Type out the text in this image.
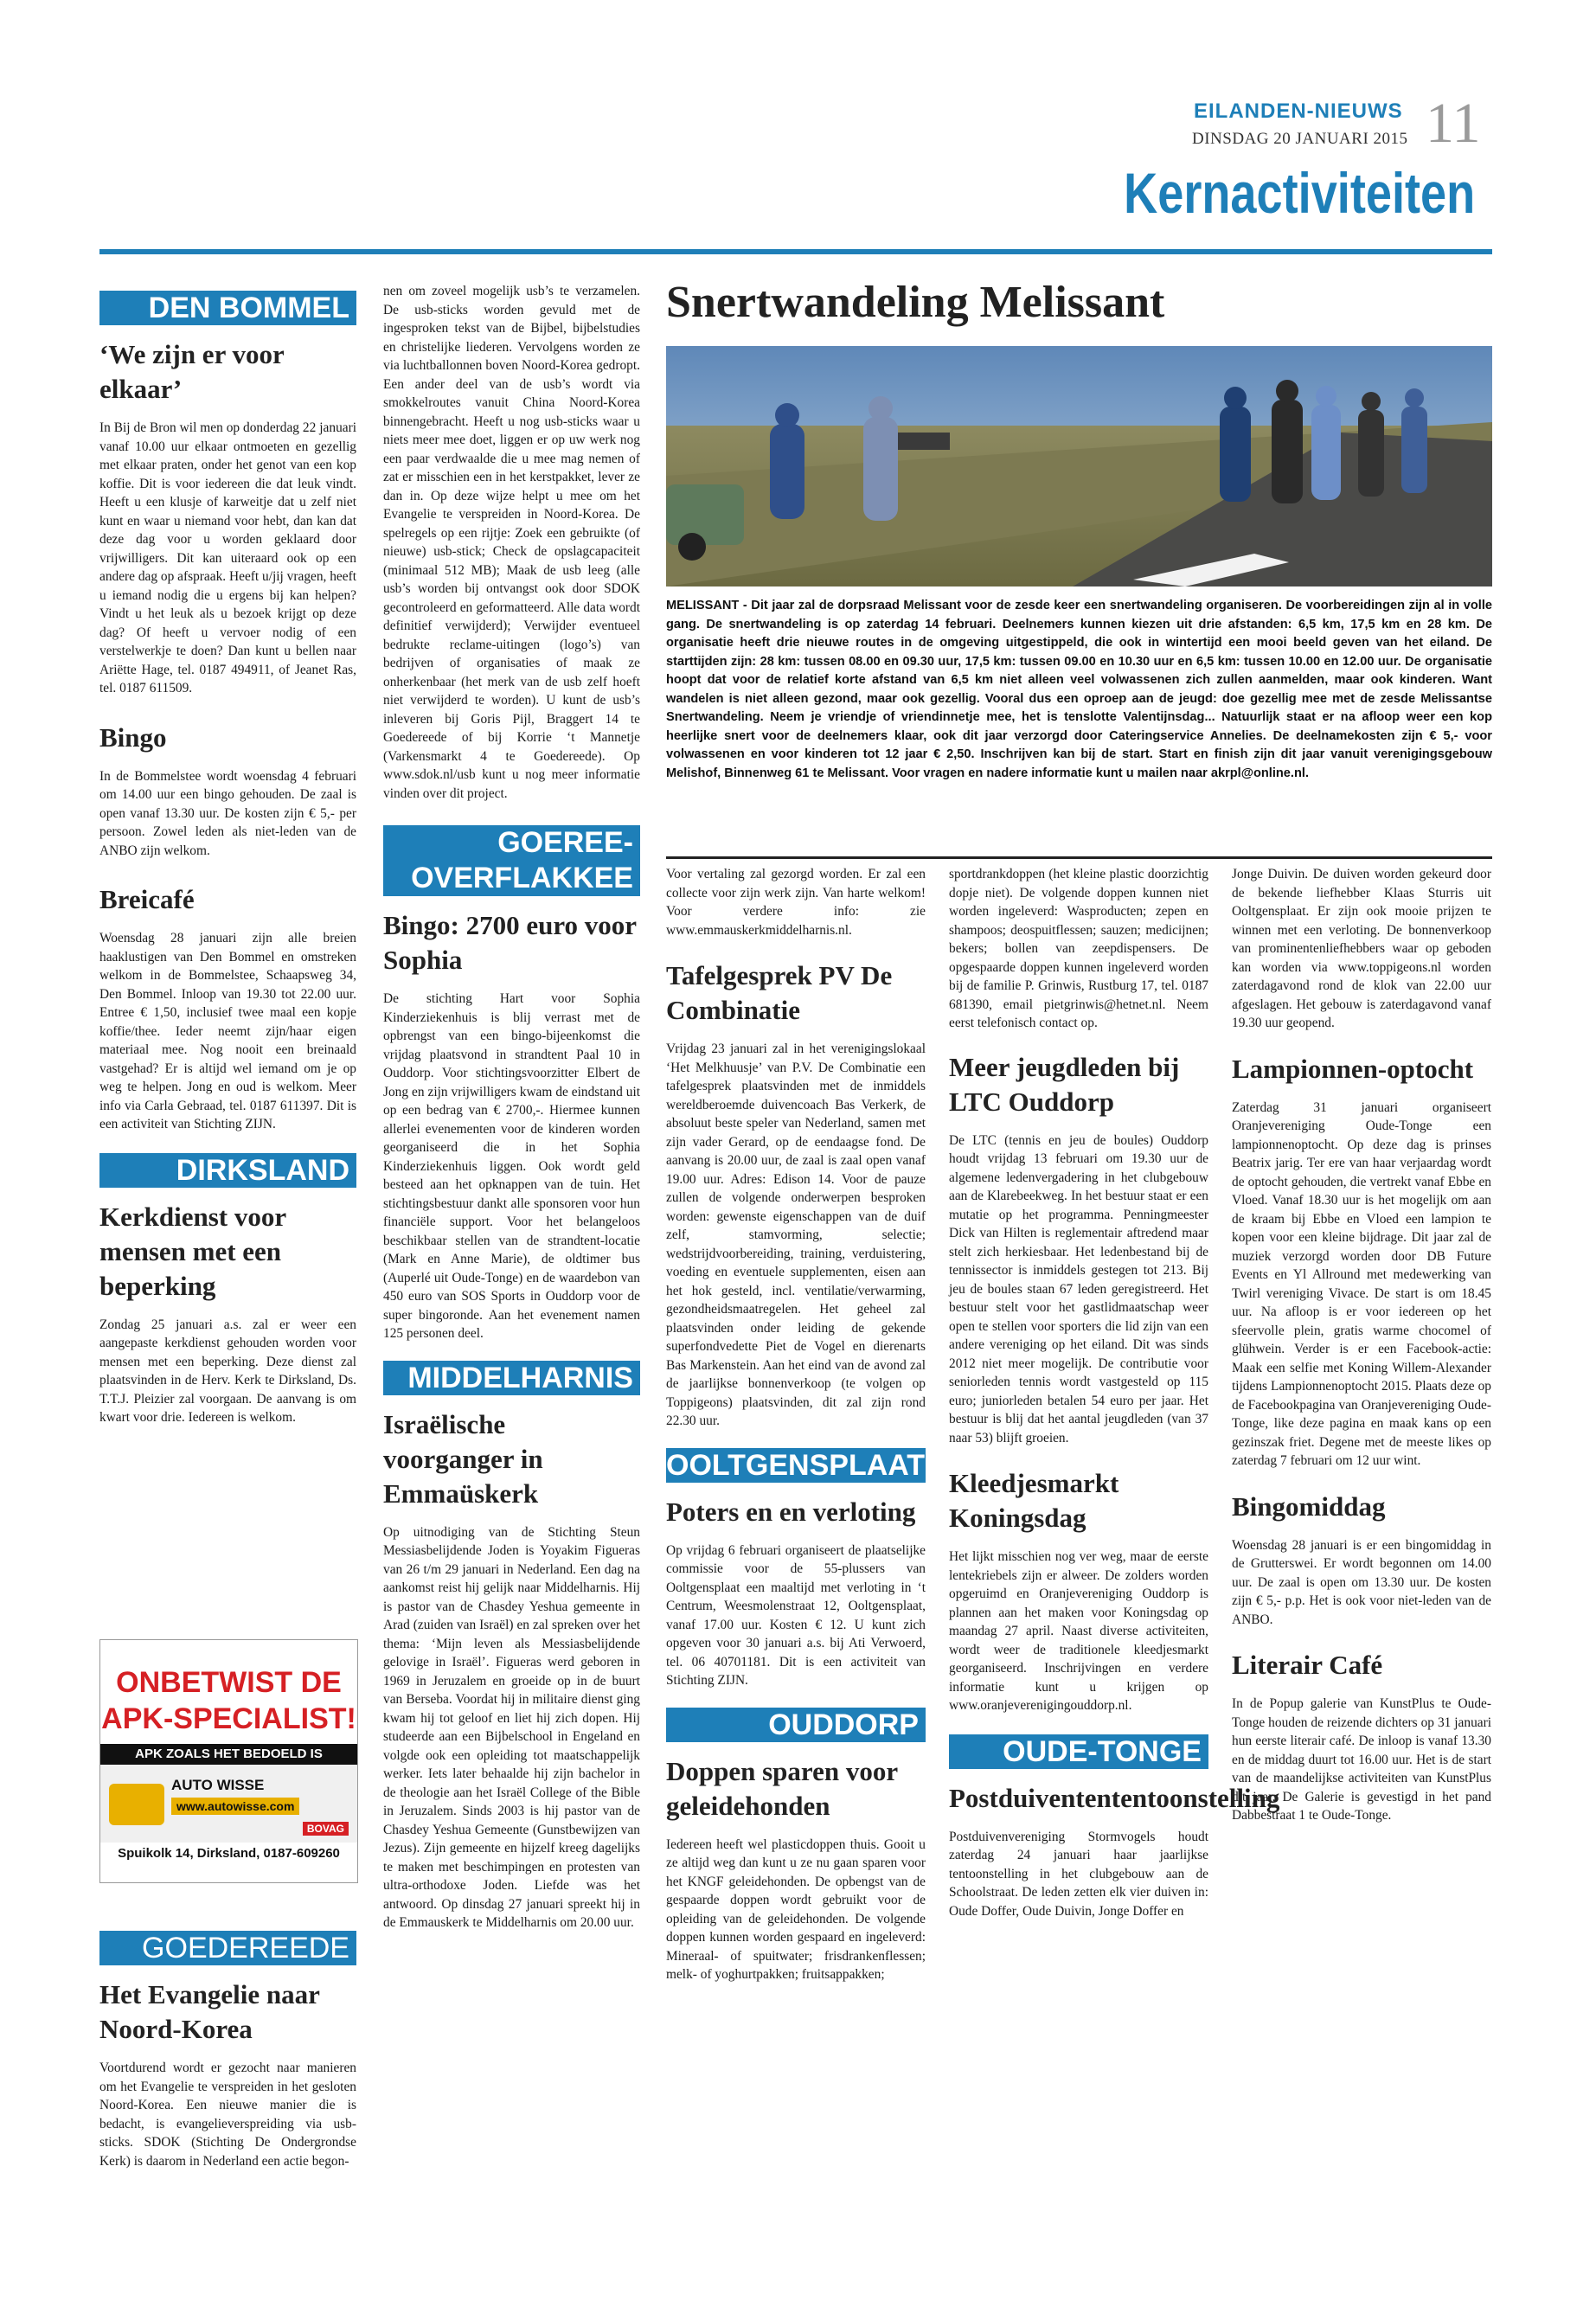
EILANDEN-NIEUWS
DINSDAG 20 JANUARI 2015 11
Kernactiviteiten
DEN BOMMEL
‘We zijn er voor elkaar’

In Bij de Bron wil men op donderdag 22 januari vanaf 10.00 uur elkaar ontmoeten en gezellig met elkaar praten, onder het genot van een kop koffie. Dit is voor iedereen die dat leuk vindt. Heeft u een klusje of karweitje dat u zelf niet kunt en waar u niemand voor hebt, dan kan dat deze dag voor u worden geklaard door vrijwilligers. Dit kan uiteraard ook op een andere dag op afspraak. Heeft u/jij vragen, heeft u iemand nodig die u ergens bij kan helpen? Vindt u het leuk als u bezoek krijgt op deze dag? Of heeft u vervoer nodig of een verstelwerkje te doen? Dan kunt u bellen naar Ariëtte Hage, tel. 0187 494911, of Jeanet Ras, tel. 0187 611509.

Bingo

In de Bommelstee wordt woensdag 4 februari om 14.00 uur een bingo gehouden. De zaal is open vanaf 13.30 uur. De kosten zijn € 5,- per persoon. Zowel leden als niet-leden van de ANBO zijn welkom.

Breicafé

Woensdag 28 januari zijn alle breien haaklustigen van Den Bommel en omstreken welkom in de Bommelstee, Schaapsweg 34, Den Bommel. Inloop van 19.30 tot 22.00 uur. Entree € 1,50, inclusief twee maal een kopje koffie/thee. Ieder neemt zijn/haar eigen materiaal mee. Nog nooit een breinaald vastgehad? Er is altijd wel iemand om je op weg te helpen. Jong en oud is welkom. Meer info via Carla Gebraad, tel. 0187 611397. Dit is een activiteit van Stichting ZIJN.

DIRKSLAND
Kerkdienst voor mensen met een beperking

Zondag 25 januari a.s. zal er weer een aangepaste kerkdienst gehouden worden voor mensen met een beperking. Deze dienst zal plaatsvinden in de Herv. Kerk te Dirksland, Ds. T.T.J. Pleizier zal voorgaan. De aanvang is om kwart voor drie. Iedereen is welkom.

ONBETWIST DE APK-SPECIALIST!
APK ZOALS HET BEDOELD IS
AUTO WISSE
www.autowisse.com
BOVAG
Spuikolk 14, Dirksland, 0187-609260
GOEDEREEDE
Het Evangelie naar Noord-Korea

Voortdurend wordt er gezocht naar manieren om het Evangelie te verspreiden in het gesloten Noord-Korea. Een nieuwe manier die is bedacht, is evangelieverspreiding via usb-sticks. SDOK (Stichting De Ondergrondse Kerk) is daarom in Nederland een actie begon-

nen om zoveel mogelijk usb’s te verzamelen. De usb-sticks worden gevuld met de ingesproken tekst van de Bijbel, bijbelstudies en christelijke liederen. Vervolgens worden ze via luchtballonnen boven Noord-Korea gedropt. Een ander deel van de usb’s wordt via smokkelroutes vanuit China Noord-Korea binnengebracht. Heeft u nog usb-sticks waar u niets meer mee doet, liggen er op uw werk nog een paar verdwaalde die u mee mag nemen of zat er misschien een in het kerstpakket, lever ze dan in. Op deze wijze helpt u mee om het Evangelie te verspreiden in Noord-Korea. De spelregels op een rijtje: Zoek een gebruikte (of nieuwe) usb-stick; Check de opslagcapaciteit (minimaal 512 MB); Maak de usb leeg (alle usb’s worden bij ontvangst ook door SDOK gecontroleerd en geformatteerd. Alle data wordt definitief verwijderd); Verwijder eventueel bedrukte reclame-uitingen (logo’s) van bedrijven of organisaties of maak ze onherkenbaar (het merk van de usb zelf hoeft niet verwijderd te worden). U kunt de usb’s inleveren bij Goris Pijl, Braggert 14 te Goedereede of bij Korrie ‘t Mannetje (Varkensmarkt 4 te Goedereede). Op www.sdok.nl/usb kunt u nog meer informatie vinden over dit project.

GOEREE-
OVERFLAKKEE
Bingo: 2700 euro voor Sophia

De stichting Hart voor Sophia Kinderziekenhuis is blij verrast met de opbrengst van een bingo-bijeenkomst die vrijdag plaatsvond in strandtent Paal 10 in Ouddorp. Voor stichtingsvoorzitter Elbert de Jong en zijn vrijwilligers kwam de eindstand uit op een bedrag van € 2700,-. Hiermee kunnen allerlei evenementen voor de kinderen worden georganiseerd die in het Sophia Kinderziekenhuis liggen. Ook wordt geld besteed aan het opknappen van de tuin. Het stichtingsbestuur dankt alle sponsoren voor hun financiële support. Voor het belangeloos beschikbaar stellen van de strandtent-locatie (Mark en Anne Marie), de oldtimer bus (Auperlé uit Oude-Tonge) en de waardebon van 450 euro van SOS Sports in Ouddorp voor de super bingoronde. Aan het evenement namen 125 personen deel.

MIDDELHARNIS
Israëlische voorganger in Emmaüskerk

Op uitnodiging van de Stichting Steun Messiasbelijdende Joden is Yoyakim Figueras van 26 t/m 29 januari in Nederland. Een dag na aankomst reist hij gelijk naar Middelharnis. Hij is pastor van de Chasdey Yeshua gemeente in Arad (zuiden van Israël) en zal spreken over het thema: ‘Mijn leven als Messiasbelijdende gelovige in Israël’. Figueras werd geboren in 1969 in Jeruzalem en groeide op in de buurt van Berseba. Voordat hij in militaire dienst ging kwam hij tot geloof en liet hij zich dopen. Hij studeerde aan een Bijbelschool in Engeland en volgde ook een opleiding tot maatschappelijk werker. Iets later behaalde hij zijn bachelor in de theologie aan het Israël College of the Bible in Jeruzalem. Sinds 2003 is hij pastor van de Chasdey Yeshua Gemeente (Gunstbewijzen van Jezus). Zijn gemeente en hijzelf kreeg dagelijks te maken met beschimpingen en protesten van ultra-orthodoxe Joden. Liefde was het antwoord. Op dinsdag 27 januari spreekt hij in de Emmauskerk te Middelharnis om 20.00 uur.

Snertwandeling Melissant
MELISSANT - Dit jaar zal de dorpsraad Melissant voor de zesde keer een snertwandeling organiseren. De voorbereidingen zijn al in volle gang. De snertwandeling is op zaterdag 14 februari. Deelnemers kunnen kiezen uit drie afstanden: 6,5 km, 17,5 km en 28 km. De organisatie heeft drie nieuwe routes in de omgeving uitgestippeld, die ook in wintertijd een mooi beeld geven van het eiland. De starttijden zijn: 28 km: tussen 08.00 en 09.30 uur, 17,5 km: tussen 09.00 en 10.30 uur en 6,5 km: tussen 10.00 en 12.00 uur. De organisatie hoopt dat voor de relatief korte afstand van 6,5 km niet alleen veel volwassenen zich zullen aanmelden, maar ook kinderen. Want wandelen is niet alleen gezond, maar ook gezellig. Vooral dus een oproep aan de jeugd: doe gezellig mee met de zesde Melissantse Snertwandeling. Neem je vriendje of vriendinnetje mee, het is tenslotte Valentijnsdag... Natuurlijk staat er na afloop weer een kop heerlijke snert voor de deelnemers klaar, ook dit jaar verzorgd door Cateringservice Annelies. De deelnamekosten zijn € 5,- voor volwassenen en voor kinderen tot 12 jaar € 2,50. Inschrijven kan bij de start. Start en finish zijn dit jaar vanuit verenigingsgebouw Melishof, Binnenweg 61 te Melissant. Voor vragen en nadere informatie kunt u mailen naar akrpl@online.nl.

Voor vertaling zal gezorgd worden. Er zal een collecte voor zijn werk zijn. Van harte welkom! Voor verdere info: zie www.emmauskerkmiddelharnis.nl.

Tafelgesprek PV De Combinatie

Vrijdag 23 januari zal in het verenigingslokaal ‘Het Melkhuusje’ van P.V. De Combinatie een tafelgesprek plaatsvinden met de inmiddels wereldberoemde duivencoach Bas Verkerk, de absoluut beste speler van Nederland, samen met zijn vader Gerard, op de eendaagse fond. De aanvang is 20.00 uur, de zaal is zaal open vanaf 19.00 uur. Adres: Edison 14. Voor de pauze zullen de volgende onderwerpen besproken worden: gewenste eigenschappen van de duif zelf, stamvorming, selectie; wedstrijdvoorbereiding, training, verduistering, voeding en eventuele supplementen, eisen aan het hok gesteld, incl. ventilatie/verwarming, gezondheidsmaatregelen. Het geheel zal plaatsvinden onder leiding de gekende superfondvedette Piet de Vogel en dierenarts Bas Markenstein. Aan het eind van de avond zal de jaarlijkse bonnenverkoop (te volgen op Toppigeons) plaatsvinden, dit zal zijn rond 22.30 uur.

OOLTGENSPLAAT
Poters en en verloting

Op vrijdag 6 februari organiseert de plaatselijke commissie voor de 55-plussers van Ooltgensplaat een maaltijd met verloting in ‘t Centrum, Weesmolenstraat 12, Ooltgensplaat, vanaf 17.00 uur. Kosten € 12. U kunt zich opgeven voor 30 januari a.s. bij Ati Verwoerd, tel. 06 40701181. Dit is een activiteit van Stichting ZIJN.

OUDDORP
Doppen sparen voor geleidehonden

Iedereen heeft wel plasticdoppen thuis. Gooit u ze altijd weg dan kunt u ze nu gaan sparen voor het KNGF geleidehonden. De opbengst van de gespaarde doppen wordt gebruikt voor de opleiding van de geleidehonden. De volgende doppen kunnen worden gespaard en ingeleverd: Mineraal- of spuitwater; frisdrankenflessen; melk- of yoghurtpakken; fruitsappakken;

sportdrankdoppen (het kleine plastic doorzichtig dopje niet). De volgende doppen kunnen niet worden ingeleverd: Wasproducten; zepen en shampoos; deospuitflessen; sauzen; medicijnen; bekers; bollen van zeepdispensers. De opgespaarde doppen kunnen ingeleverd worden bij de familie P. Grinwis, Rustburg 17, tel. 0187 681390, email pietgrinwis@hetnet.nl. Neem eerst telefonisch contact op.

Meer jeugdleden bij LTC Ouddorp

De LTC (tennis en jeu de boules) Ouddorp houdt vrijdag 13 februari om 19.30 uur de algemene ledenvergadering in het clubgebouw aan de Klarebeekweg. In het bestuur staat er een mutatie op het programma. Penningmeester Dick van Hilten is reglementair aftredend maar stelt zich herkiesbaar. Het ledenbestand bij de tennissector is inmiddels gestegen tot 213. Bij jeu de boules staan 67 leden geregistreerd. Het bestuur stelt voor het gastlidmaatschap weer open te stellen voor sporters die lid zijn van een andere vereniging op het eiland. Dit was sinds 2012 niet meer mogelijk. De contributie voor seniorleden tennis wordt vastgesteld op 115 euro; juniorleden betalen 54 euro per jaar. Het bestuur is blij dat het aantal jeugdleden (van 37 naar 53) blijft groeien.

Kleedjesmarkt Koningsdag

Het lijkt misschien nog ver weg, maar de eerste lentekriebels zijn er alweer. De zolders worden opgeruimd en Oranjevereniging Ouddorp is plannen aan het maken voor Koningsdag op maandag 27 april. Naast diverse activiteiten, wordt weer de traditionele kleedjesmarkt georganiseerd. Inschrijvingen en verdere informatie kunt u krijgen op www.oranjeverenigingouddorp.nl.

OUDE-TONGE
Postduiventententoonstelling

Postduivenvereniging Stormvogels houdt zaterdag 24 januari haar jaarlijkse tentoonstelling in het clubgebouw aan de Schoolstraat. De leden zetten elk vier duiven in: Oude Doffer, Oude Duivin, Jonge Doffer en

Jonge Duivin. De duiven worden gekeurd door de bekende liefhebber Klaas Sturris uit Ooltgensplaat. Er zijn ook mooie prijzen te winnen met een verloting. De bonnenverkoop van prominentenliefhebbers waar op geboden kan worden via www.toppigeons.nl worden zaterdagavond rond de klok van 22.00 uur afgeslagen. Het gebouw is zaterdagavond vanaf 19.30 uur geopend.

Lampionnen-optocht

Zaterdag 31 januari organiseert Oranjevereniging Oude-Tonge een lampionnenoptocht. Op deze dag is prinses Beatrix jarig. Ter ere van haar verjaardag wordt de optocht gehouden, die vertrekt vanaf Ebbe en Vloed. Vanaf 18.30 uur is het mogelijk om aan de kraam bij Ebbe en Vloed een lampion te kopen voor een kleine bijdrage. Dit jaar zal de muziek verzorgd worden door DB Future Events en Yl Allround met medewerking van Twirl vereniging Vivace. De start is om 18.45 uur. Na afloop is er voor iedereen op het sfeervolle plein, gratis warme chocomel of glühwein. Verder is er een Facebook-actie: Maak een selfie met Koning Willem-Alexander tijdens Lampionnenoptocht 2015. Plaats deze op de Facebookpagina van Oranjevereniging Oude-Tonge, like deze pagina en maak kans op een gezinszak friet. Degene met de meeste likes op zaterdag 7 februari om 12 uur wint.

Bingomiddag

Woensdag 28 januari is er een bingomiddag in de Grutterswei. Er wordt begonnen om 14.00 uur. De zaal is open om 13.30 uur. De kosten zijn € 5,- p.p. Het is ook voor niet-leden van de ANBO.

Literair Café

In de Popup galerie van KunstPlus te Oude-Tonge houden de reizende dichters op 31 januari hun eerste literair café. De inloop is vanaf 13.30 en de middag duurt tot 16.00 uur. Het is de start van de maandelijkse activiteiten van KunstPlus dit jaar. De Galerie is gevestigd in het pand Dabbestraat 1 te Oude-Tonge.
